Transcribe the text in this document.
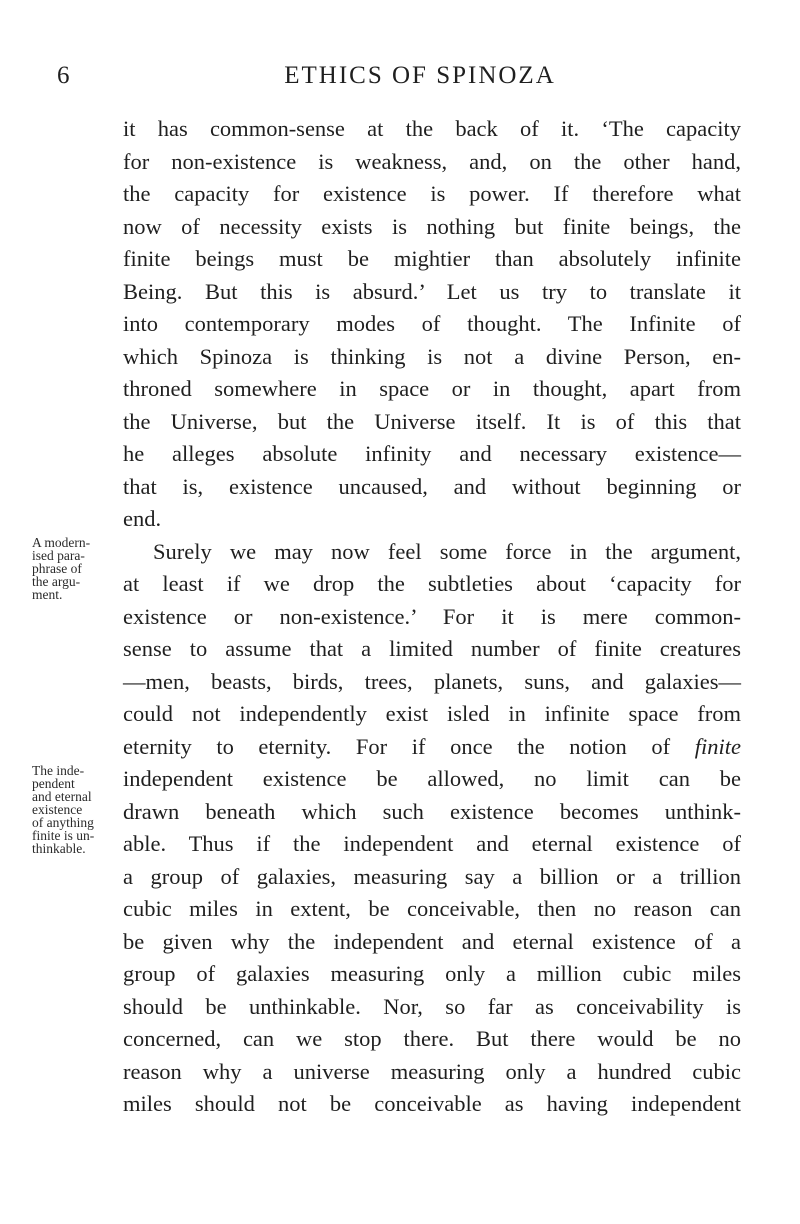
6	ETHICS OF SPINOZA
it has common-sense at the back of it. ‘The capacity
for non-existence is weakness, and, on the other hand,
the capacity for existence is power. If therefore what
now of necessity exists is nothing but finite beings, the
finite beings must be mightier than absolutely infinite
Being. But this is absurd.’ Let us try to translate it
into contemporary modes of thought. The Infinite of
which Spinoza is thinking is not a divine Person, en-
throned somewhere in space or in thought, apart from
the Universe, but the Universe itself. It is of this that
he alleges absolute infinity and necessary existence—
that is, existence uncaused, and without beginning or
end.
Surely we may now feel some force in the argument,
at least if we drop the subtleties about ‘capacity for
existence or non-existence.’ For it is mere common-
sense to assume that a limited number of finite creatures
—men, beasts, birds, trees, planets, suns, and galaxies—
could not independently exist isled in infinite space from
eternity to eternity. For if once the notion of finite
independent existence be allowed, no limit can be
drawn beneath which such existence becomes unthink-
able. Thus if the independent and eternal existence of
a group of galaxies, measuring say a billion or a trillion
cubic miles in extent, be conceivable, then no reason can
be given why the independent and eternal existence of a
group of galaxies measuring only a million cubic miles
should be unthinkable. Nor, so far as conceivability is
concerned, can we stop there. But there would be no
reason why a universe measuring only a hundred cubic
miles should not be conceivable as having independent
A modern-
ised para-
phrase of
the argu-
ment.
The inde-
pendent
and eternal
existence
of anything
finite is un-
thinkable.
